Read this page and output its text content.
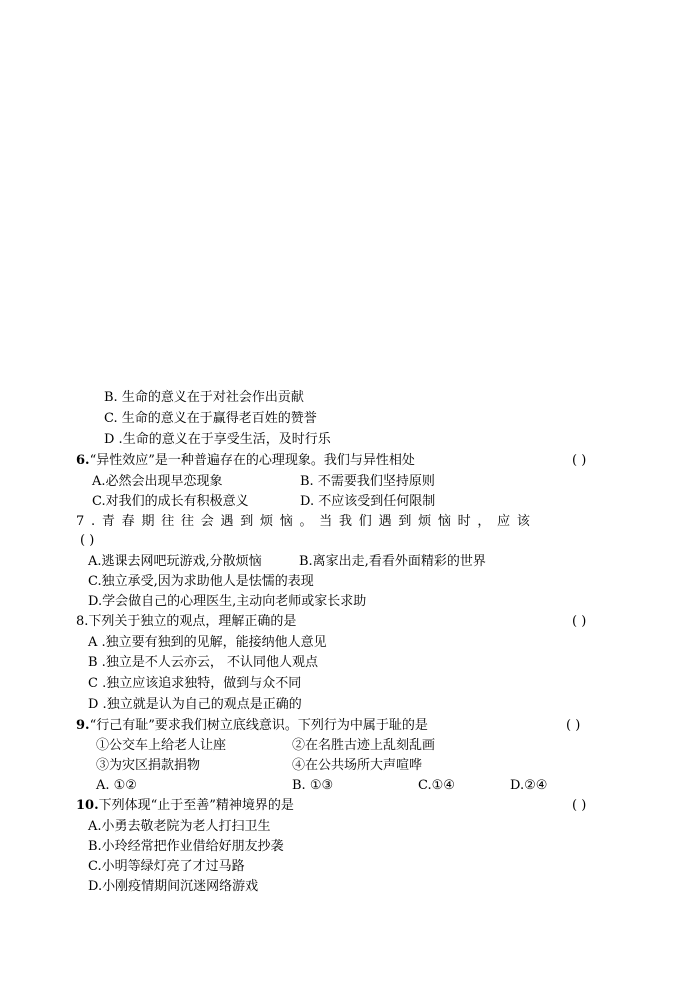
B. 生命的意义在于对社会作出贡献
C. 生命的意义在于赢得老百姓的赞誉
D .生命的意义在于享受生活，及时行乐
6.“异性效应”是一种普遍存在的心理现象。我们与异性相处	( )
A.必然会出现早恋现象	B. 不需要我们坚持原则
C.对我们的成长有积极意义	D. 不应该受到任何限制
7.青春期往往会遇到烦恼。当我们遇到烦恼时，应该
( )
A.逃课去网吧玩游戏,分散烦恼	B.离家出走,看看外面精彩的世界
C.独立承受,因为求助他人是怯懦的表现
D.学会做自己的心理医生,主动向老师或家长求助
8.下列关于独立的观点，理解正确的是	( )
A .独立要有独到的见解，能接纳他人意见
B .独立是不人云亦云， 不认同他人观点
C .独立应该追求独特，做到与众不同
D .独立就是认为自己的观点是正确的
9.“行己有耻”要求我们树立底线意识。下列行为中属于耻的是	( )
①公交车上给老人让座	②在名胜古迹上乱刻乱画
③为灾区捐款捐物	④在公共场所大声喧哗
A. ①②	B. ①③	C.①④	D.②④
10.下列体现“止于至善”精神境界的是	( )
A.小勇去敬老院为老人打扫卫生
B.小玲经常把作业借给好朋友抄袭
C.小明等绿灯亮了才过马路
D.小刚疫情期间沉迷网络游戏
